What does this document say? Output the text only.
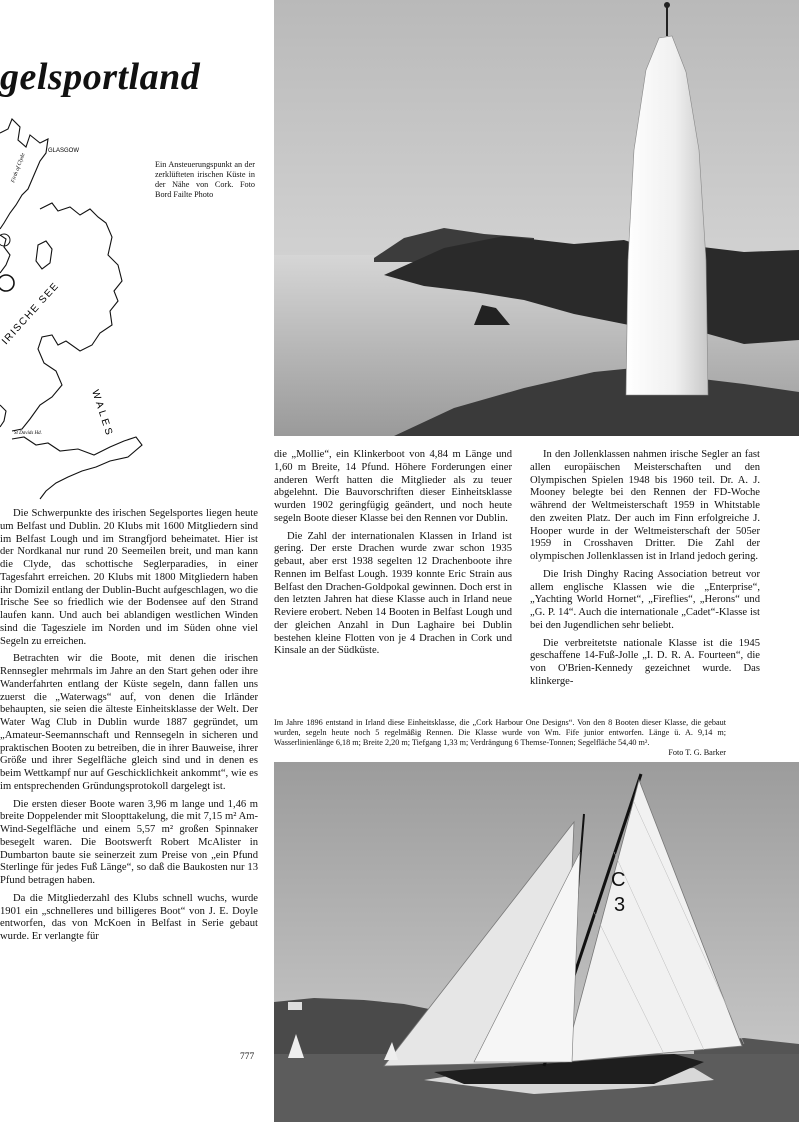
gelsportland
GLASGOW
Firth of Clyde
IRISCHE SEE
WALES
St Davids Hd.
Ein Ansteuerungspunkt an der zerklüfteten irischen Küste in der Nähe von Cork. Foto Bord Failte Photo

Die Schwerpunkte des irischen Segelsportes liegen heute um Belfast und Dublin. 20 Klubs mit 1600 Mitgliedern sind im Belfast Lough und im Strangfjord beheimatet. Hier ist der Nordkanal nur rund 20 Seemeilen breit, und man kann die Clyde, das schottische Seglerparadies, in einer Tagesfahrt erreichen. 20 Klubs mit 1800 Mitgliedern haben ihr Domizil entlang der Dublin-Bucht aufgeschlagen, wo die Irische See so friedlich wie der Bodensee auf den Strand laufen kann. Und auch bei ablandigen westlichen Winden sind die Tagesziele im Norden und im Süden ohne viel Segeln zu erreichen.

Betrachten wir die Boote, mit denen die irischen Rennsegler mehrmals im Jahre an den Start gehen oder ihre Wanderfahrten entlang der Küste segeln, dann fallen uns zuerst die „Waterwags“ auf, von denen die Irländer behaupten, sie seien die älteste Einheitsklasse der Welt. Der Water Wag Club in Dublin wurde 1887 gegründet, um „Amateur-Seemannschaft und Rennsegeln in sicheren und praktischen Booten zu betreiben, die in ihrer Bauweise, ihrer Größe und ihrer Segelfläche gleich sind und in denen es beim Wettkampf nur auf Geschicklichkeit ankommt“, wie es im entsprechenden Gründungsprotokoll dargelegt ist.

Die ersten dieser Boote waren 3,96 m lange und 1,46 m breite Doppelender mit Sloopttakelung, die mit 7,15 m² Am-Wind-Segelfläche und einem 5,57 m² großen Spinnaker besegelt waren. Die Bootswerft Robert McAlister in Dumbarton baute sie seinerzeit zum Preise von „ein Pfund Sterlinge für jedes Fuß Länge“, so daß die Baukosten nur 13 Pfund betragen haben.

Da die Mitgliederzahl des Klubs schnell wuchs, wurde 1901 ein „schnelleres und billigeres Boot“ von J. E. Doyle entworfen, das von McKoen in Belfast in Serie gebaut wurde. Er verlangte für

777

die „Mollie“, ein Klinkerboot von 4,84 m Länge und 1,60 m Breite, 14 Pfund. Höhere Forderungen einer anderen Werft hatten die Mitglieder als zu teuer abgelehnt. Die Bauvorschriften dieser Einheitsklasse wurden 1902 geringfügig geändert, und noch heute segeln Boote dieser Klasse bei den Rennen vor Dublin.

Die Zahl der internationalen Klassen in Irland ist gering. Der erste Drachen wurde zwar schon 1935 gebaut, aber erst 1938 segelten 12 Drachenboote ihre Rennen im Belfast Lough. 1939 konnte Eric Strain aus Belfast den Drachen-Goldpokal gewinnen. Doch erst in den letzten Jahren hat diese Klasse auch in Irland neue Reviere erobert. Neben 14 Booten in Belfast Lough und der gleichen Anzahl in Dun Laghaire bei Dublin bestehen kleine Flotten von je 4 Drachen in Cork und Kinsale an der Südküste.

In den Jollenklassen nahmen irische Segler an fast allen europäischen Meisterschaften und den Olympischen Spielen 1948 bis 1960 teil. Dr. A. J. Mooney belegte bei den Rennen der FD-Woche während der Weltmeisterschaft 1959 in Whitstable den zweiten Platz. Der auch im Finn erfolgreiche J. Hooper wurde in der Weltmeisterschaft der 505er 1959 in Crosshaven Dritter. Die Zahl der olympischen Jollenklassen ist in Irland jedoch gering.

Die Irish Dinghy Racing Association betreut vor allem englische Klassen wie die „Enterprise“, „Yachting World Hornet“, „Fireflies“, „Herons“ und „G. P. 14“. Auch die internationale „Cadet“-Klasse ist bei den Jugendlichen sehr beliebt.

Die verbreitetste nationale Klasse ist die 1945 geschaffene 14-Fuß-Jolle „I. D. R. A. Fourteen“, die von O'Brien-Kennedy gezeichnet wurde. Das klinkerge-

Im Jahre 1896 entstand in Irland diese Einheitsklasse, die „Cork Harbour One Designs“. Von den 8 Booten dieser Klasse, die gebaut wurden, segeln heute noch 5 regelmäßig Rennen. Die Klasse wurde von Wm. Fife junior entworfen. Länge ü. A. 9,14 m; Wasserlinienlänge 6,18 m; Breite 2,20 m; Tiefgang 1,33 m; Verdrängung 6 Themse-Tonnen; Segelfläche 54,40 m².
Foto T. G. Barker
C
3
